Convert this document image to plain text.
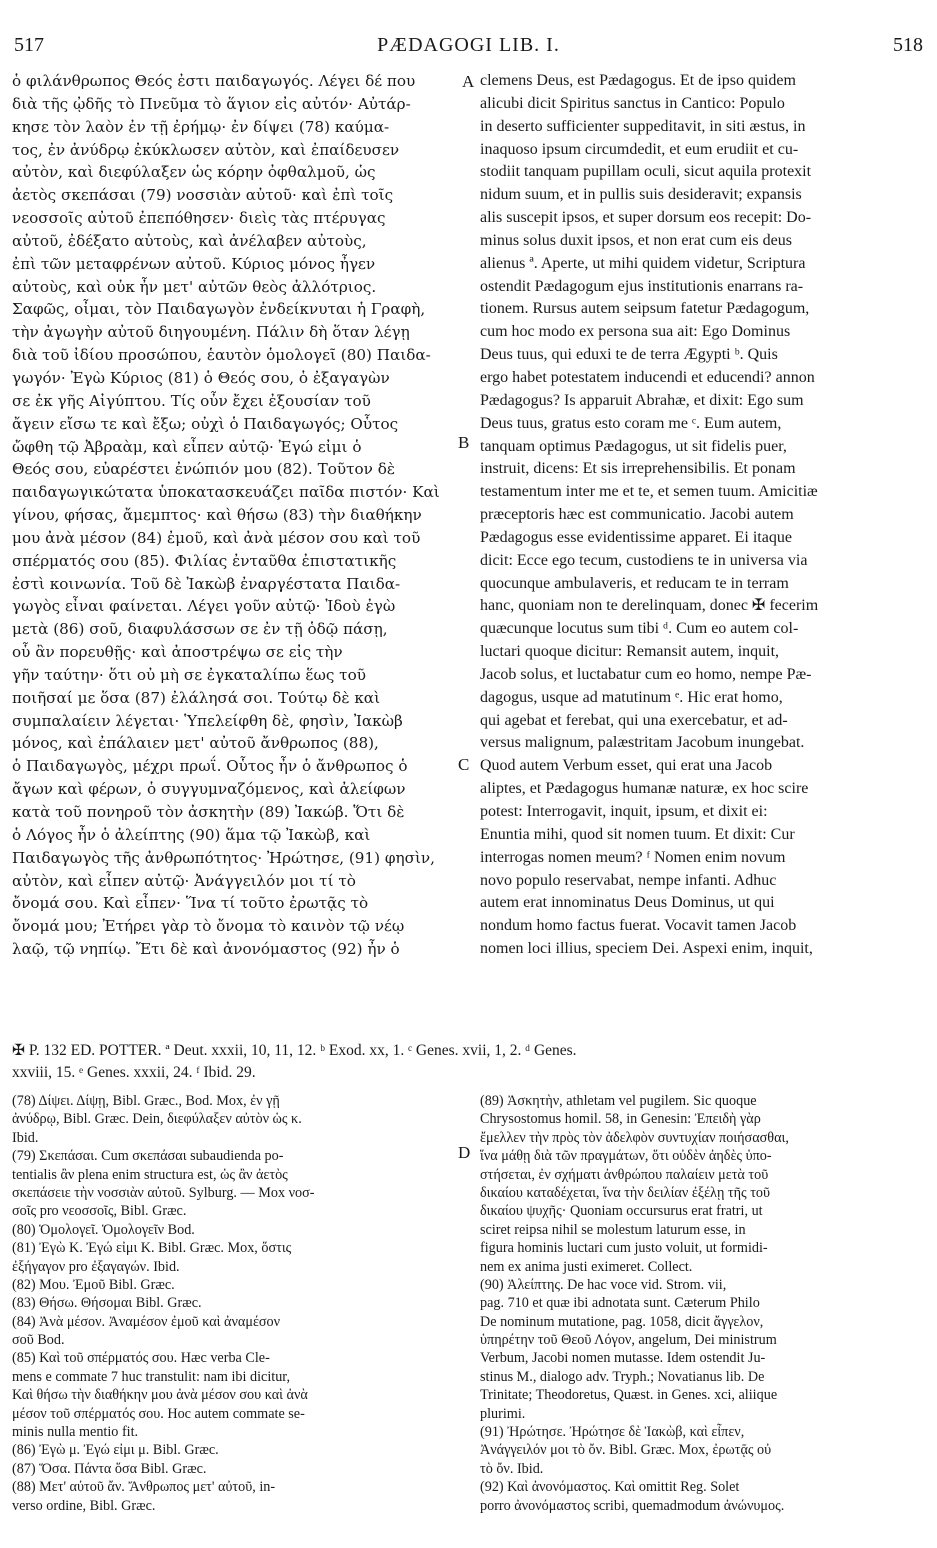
517	PÆDAGOGI LIB. I.	518
ὁ φιλάνθρωπος Θεός ἐστι παιδαγωγός. Λέγει δέ που
διὰ τῆς ᾠδῆς τὸ Πνεῦμα τὸ ἅγιον εἰς αὐτόν· Αὐτάρ-
κησε τὸν λαὸν ἐν τῇ ἐρήμῳ· ἐν δίψει (78) καύμα-
τος, ἐν ἀνύδρῳ ἐκύκλωσεν αὐτὸν, καὶ ἐπαίδευσεν
αὐτὸν, καὶ διεφύλαξεν ὡς κόρην ὀφθαλμοῦ, ὡς
ἀετὸς σκεπάσαι (79) νοσσιὰν αὐτοῦ· καὶ ἐπὶ τοῖς
νεοσσοῖς αὐτοῦ ἐπεπόθησεν· διεὶς τὰς πτέρυγας
αὐτοῦ, ἐδέξατο αὐτοὺς, καὶ ἀνέλαβεν αὐτοὺς,
ἐπὶ τῶν μεταφρένων αὐτοῦ. Κύριος μόνος ἦγεν
αὐτοὺς, καὶ οὐκ ἦν μετ' αὐτῶν θεὸς ἀλλότριος.
Σαφῶς, οἶμαι, τὸν Παιδαγωγὸν ἐνδείκνυται ἡ Γραφὴ,
τὴν ἀγωγὴν αὐτοῦ διηγουμένη. Πάλιν δὴ ὅταν λέγῃ
διὰ τοῦ ἰδίου προσώπου, ἑαυτὸν ὁμολογεῖ (80) Παιδα-
γωγόν· Ἐγὼ Κύριος (81) ὁ Θεός σου, ὁ ἐξαγαγὼν
σε ἐκ γῆς Αἰγύπτου. Τίς οὖν ἔχει ἐξουσίαν τοῦ
ἄγειν εἴσω τε καὶ ἔξω; οὐχὶ ὁ Παιδαγωγός; Οὗτος
ὤφθη τῷ Ἀβραὰμ, καὶ εἶπεν αὐτῷ· Ἐγώ εἰμι ὁ
Θεός σου, εὐαρέστει ἐνώπιόν μου (82). Τοῦτον δὲ
παιδαγωγικώτατα ὑποκατασκευάζει παῖδα πιστόν· Καὶ
γίνου, φήσας, ἄμεμπτος· καὶ θήσω (83) τὴν διαθήκην
μου ἀνὰ μέσον (84) ἐμοῦ, καὶ ἀνὰ μέσον σου καὶ τοῦ
σπέρματός σου (85). Φιλίας ἐνταῦθα ἐπιστατικῆς
ἐστὶ κοινωνία. Τοῦ δὲ Ἰακὼβ ἐναργέστατα Παιδα-
γωγὸς εἶναι φαίνεται. Λέγει γοῦν αὐτῷ· Ἰδοὺ ἐγὼ
μετὰ (86) σοῦ, διαφυλάσσων σε ἐν τῇ ὁδῷ πάσῃ,
οὗ ἂν πορευθῇς· καὶ ἀποστρέψω σε εἰς τὴν
γῆν ταύτην· ὅτι οὐ μὴ σε ἐγκαταλίπω ἕως τοῦ
ποιῆσαί με ὅσα (87) ἐλάλησά σοι. Τούτῳ δὲ καὶ
συμπαλαίειν λέγεται· Ὑπελείφθη δὲ, φησὶν, Ἰακὼβ
μόνος, καὶ ἐπάλαιεν μετ' αὐτοῦ ἄνθρωπος (88),
ὁ Παιδαγωγὸς, μέχρι πρωΐ. Οὗτος ἦν ὁ ἄνθρωπος ὁ
ἄγων καὶ φέρων, ὁ συγγυμναζόμενος, καὶ ἀλείφων
κατὰ τοῦ πονηροῦ τὸν ἀσκητὴν (89) Ἰακώβ. Ὅτι δὲ
ὁ Λόγος ἦν ὁ ἀλείπτης (90) ἅμα τῷ Ἰακὼβ, καὶ
Παιδαγωγὸς τῆς ἀνθρωπότητος· Ἠρώτησε, (91) φησὶν,
αὐτὸν, καὶ εἶπεν αὐτῷ· Ἀνάγγειλόν μοι τί τὸ
ὄνομά σου. Καὶ εἶπεν· Ἵνα τί τοῦτο ἐρωτᾷς τὸ
ὄνομά μου; Ἐτήρει γὰρ τὸ ὄνομα τὸ καινὸν τῷ νέῳ
λαῷ, τῷ νηπίῳ. Ἔτι δὲ καὶ ἀνονόμαστος (92) ἦν ὁ
clemens Deus, est Pædagogus. Et de ipso quidem
alicubi dicit Spiritus sanctus in Cantico: Populo
in deserto sufficienter suppeditavit, in siti æstus, in
inaquoso ipsum circumdedit, et eum erudiit et cu-
stodiit tanquam pupillam oculi, sicut aquila protexit
nidum suum, et in pullis suis desideravit; expansis
alis suscepit ipsos, et super dorsum eos recepit: Do-
minus solus duxit ipsos, et non erat cum eis deus
alienus ª. Aperte, ut mihi quidem videtur, Scriptura
ostendit Pædagogum ejus institutionis enarrans ra-
tionem. Rursus autem seipsum fatetur Pædagogum,
cum hoc modo ex persona sua ait: Ego Dominus
Deus tuus, qui eduxi te de terra Ægypti ᵇ. Quis
ergo habet potestatem inducendi et educendi? annon
Pædagogus? Is apparuit Abrahæ, et dixit: Ego sum
Deus tuus, gratus esto coram me ᶜ. Eum autem,
tanquam optimus Pædagogus, ut sit fidelis puer,
instruit, dicens: Et sis irreprehensibilis. Et ponam
testamentum inter me et te, et semen tuum. Amicitiæ
præceptoris hæc est communicatio. Jacobi autem
Pædagogus esse evidentissime apparet. Ei itaque
dicit: Ecce ego tecum, custodiens te in universa via
quocunque ambulaveris, et reducam te in terram
hanc, quoniam non te derelinquam, donec ✠ fecerim
quæcunque locutus sum tibi ᵈ. Cum eo autem col-
luctari quoque dicitur: Remansit autem, inquit,
Jacob solus, et luctabatur cum eo homo, nempe Pæ-
dagogus, usque ad matutinum ᵉ. Hic erat homo,
qui agebat et ferebat, qui una exercebatur, et ad-
versus malignum, palæstritam Jacobum inungebat.
Quod autem Verbum esset, qui erat una Jacob
aliptes, et Pædagogus humanæ naturæ, ex hoc scire
potest: Interrogavit, inquit, ipsum, et dixit ei:
Enuntia mihi, quod sit nomen tuum. Et dixit: Cur
interrogas nomen meum? ᶠ Nomen enim novum
novo populo reservabat, nempe infanti. Adhuc
autem erat innominatus Deus Dominus, ut qui
nondum homo factus fuerat. Vocavit tamen Jacob
nomen loci illius, speciem Dei. Aspexi enim, inquit,
A
B
C
D
✠ P. 132 ED. POTTER. ª Deut. xxxii, 10, 11, 12. ᵇ Exod. xx, 1. ᶜ Genes. xvii, 1, 2. ᵈ Genes.
xxviii, 15. ᵉ Genes. xxxii, 24. ᶠ Ibid. 29.
(78) Δίψει. Δίψῃ, Bibl. Græc., Bod. Mox, ἐν γῇ
ἀνύδρῳ, Bibl. Græc. Dein, διεφύλαξεν αὐτὸν ὡς κ.
Ibid.
(79) Σκεπάσαι. Cum σκεπάσαι subaudienda po-
tentialis ἂν plena enim structura est, ὡς ἂν ἀετὸς
σκεπάσειε τὴν νοσσιὰν αὐτοῦ. Sylburg. — Mox νοσ-
σοῖς pro νεοσσοῖς, Bibl. Græc.
(80) Ὁμολογεῖ. Ὁμολογεῖν Bod.
(81) Ἐγὼ Κ. Ἐγώ εἰμι Κ. Bibl. Græc. Mox, ὅστις
ἐξήγαγον pro ἐξαγαγών. Ibid.
(82) Μου. Ἐμοῦ Bibl. Græc.
(83) Θήσω. Θήσομαι Bibl. Græc.
(84) Ἀνὰ μέσον. Ἀναμέσον ἐμοῦ καὶ ἀναμέσον
σοῦ Bod.
(85) Καὶ τοῦ σπέρματός σου. Hæc verba Cle-
mens e commate 7 huc transtulit: nam ibi dicitur,
Καὶ θήσω τὴν διαθήκην μου ἀνὰ μέσον σου καὶ ἀνὰ
μέσον τοῦ σπέρματός σου. Hoc autem commate se-
minis nulla mentio fit.
(86) Ἐγὼ μ. Ἐγώ εἰμι μ. Bibl. Græc.
(87) Ὅσα. Πάντα ὅσα Bibl. Græc.
(88) Μετ' αὐτοῦ ἄν. Ἄνθρωπος μετ' αὐτοῦ, in-
verso ordine, Bibl. Græc.
(89) Ἀσκητὴν, athletam vel pugilem. Sic quoque
Chrysostomus homil. 58, in Genesin: Ἐπειδὴ γὰρ
ἔμελλεν τὴν πρὸς τὸν ἀδελφὸν συντυχίαν ποιήσασθαι,
ἵνα μάθῃ διὰ τῶν πραγμάτων, ὅτι οὐδὲν ἀηδὲς ὑπο-
στήσεται, ἐν σχήματι ἀνθρώπου παλαίειν μετὰ τοῦ
δικαίου καταδέχεται, ἵνα τὴν δειλίαν ἐξέλῃ τῆς τοῦ
δικαίου ψυχῆς· Quoniam occursurus erat fratri, ut
sciret reipsa nihil se molestum laturum esse, in
figura hominis luctari cum justo voluit, ut formidi-
nem ex anima justi eximeret. Collect.
(90) Ἀλείπτης. De hac voce vid. Strom. vii,
pag. 710 et quæ ibi adnotata sunt. Cæterum Philo
De nominum mutatione, pag. 1058, dicit ἄγγελον,
ὑπηρέτην τοῦ Θεοῦ Λόγον, angelum, Dei ministrum
Verbum, Jacobi nomen mutasse. Idem ostendit Ju-
stinus M., dialogo adv. Tryph.; Novatianus lib. De
Trinitate; Theodoretus, Quæst. in Genes. xci, aliique
plurimi.
(91) Ἠρώτησε. Ἠρώτησε δὲ Ἰακὼβ, καὶ εἶπεν,
Ἀνάγγειλόν μοι τὸ ὄν. Bibl. Græc. Mox, ἐρωτᾷς οὐ
τὸ ὄν. Ibid.
(92) Καὶ ἀνονόμαστος. Καὶ omittit Reg. Solet
porro ἀνονόμαστος scribi, quemadmodum ἀνώνυμος.
